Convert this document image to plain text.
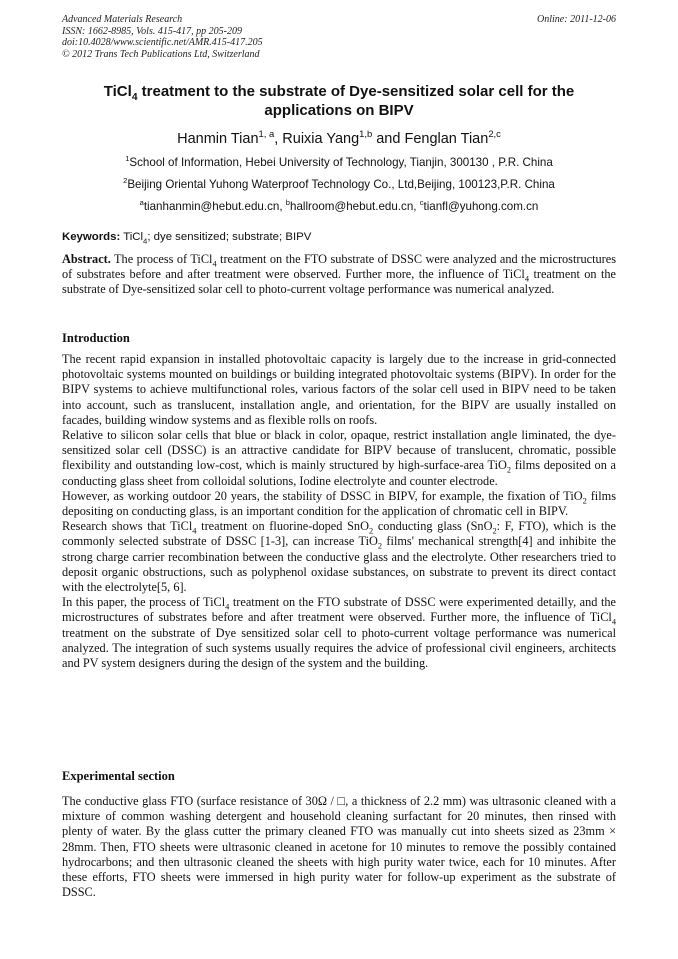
Advanced Materials Research
ISSN: 1662-8985, Vols. 415-417, pp 205-209
doi:10.4028/www.scientific.net/AMR.415-417.205
© 2012 Trans Tech Publications Ltd, Switzerland
Online: 2011-12-06
TiCl$_4$ treatment to the substrate of Dye-sensitized solar cell for the applications on BIPV
Hanmin Tian$^{1, a}$, Ruixia Yang$^{1,b}$ and Fenglan Tian$^{2,c}$
$^1$School of Information, Hebei University of Technology, Tianjin, 300130 , P.R. China
$^2$Beijing Oriental Yuhong Waterproof Technology Co., Ltd,Beijing, 100123,P.R. China
$^a$tianhanmin@hebut.edu.cn, $^b$hallroom@hebut.edu.cn, $^c$tianfl@yuhong.com.cn
Keywords: TiCl$_4$; dye sensitized; substrate; BIPV
Abstract. The process of TiCl$_4$ treatment on the FTO substrate of DSSC were analyzed and the microstructures of substrates before and after treatment were observed. Further more, the influence of TiCl$_4$ treatment on the substrate of Dye-sensitized solar cell to photo-current voltage performance was numerical analyzed.
Introduction

The recent rapid expansion in installed photovoltaic capacity is largely due to the increase in grid-connected photovoltaic systems mounted on buildings or building integrated photovoltaic systems (BIPV). In order for the BIPV systems to achieve multifunctional roles, various factors of the solar cell used in BIPV need to be taken into account, such as translucent, installation angle, and orientation, for the BIPV are usually installed on facades, building window systems and as flexible rolls on roofs.

Relative to silicon solar cells that blue or black in color, opaque, restrict installation angle liminated, the dye-sensitized solar cell (DSSC) is an attractive candidate for BIPV because of translucent, chromatic, possible flexibility and outstanding low-cost, which is mainly structured by high-surface-area TiO$_2$ films deposited on a conducting glass sheet from colloidal solutions, Iodine electrolyte and counter electrode.

However, as working outdoor 20 years, the stability of DSSC in BIPV, for example, the fixation of TiO$_2$ films depositing on conducting glass, is an important condition for the application of chromatic cell in BIPV.

Research shows that TiCl$_4$ treatment on fluorine-doped SnO$_2$ conducting glass (SnO$_2$: F, FTO), which is the commonly selected substrate of DSSC [1-3], can increase TiO$_2$ films' mechanical strength[4] and inhibite the strong charge carrier recombination between the conductive glass and the electrolyte. Other researchers tried to deposit organic obstructions, such as polyphenol oxidase substances, on substrate to prevent its direct contact with the electrolyte[5, 6].

In this paper, the process of TiCl$_4$ treatment on the FTO substrate of DSSC were experimented detailly, and the microstructures of substrates before and after treatment were observed. Further more, the influence of TiCl$_4$ treatment on the substrate of Dye sensitized solar cell to photo-current voltage performance was numerical analyzed. The integration of such systems usually requires the advice of professional civil engineers, architects and PV system designers during the design of the system and the building.

Experimental section
The conductive glass FTO (surface resistance of 30Ω / □, a thickness of 2.2 mm) was ultrasonic cleaned with a mixture of common washing detergent and household cleaning surfactant for 20 minutes, then rinsed with plenty of water. By the glass cutter the primary cleaned FTO was manually cut into sheets sized as 23mm × 28mm. Then, FTO sheets were ultrasonic cleaned in acetone for 10 minutes to remove the possibly contained hydrocarbons; and then ultrasonic cleaned the sheets with high purity water twice, each for 10 minutes. After these efforts, FTO sheets were immersed in high purity water for follow-up experiment as the substrate of DSSC.
